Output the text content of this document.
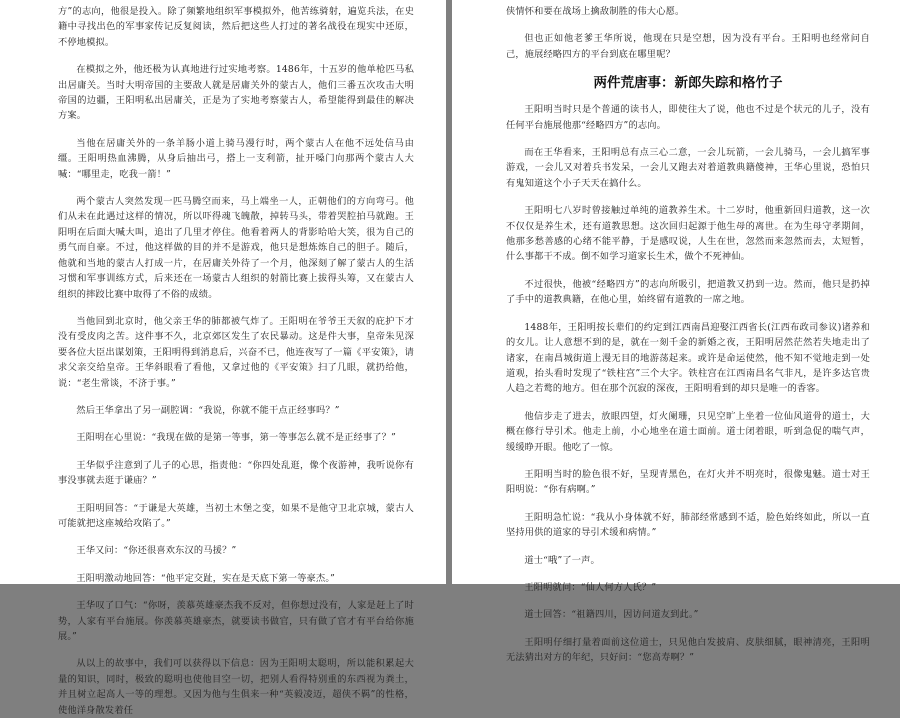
方”的志向，他很是投入。除了频繁地组织军事模拟外，他苦练骑射，遍览兵法，在史籍中寻找出色的军事家传记反复阅读，然后把这些人打过的著名战役在现实中还原，不停地模拟。

在模拟之外，他还极为认真地进行过实地考察。1486年，十五岁的他单枪匹马私出居庸关。当时大明帝国的主要敌人就是居庸关外的蒙古人，他们三番五次攻击大明帝国的边疆，王阳明私出居庸关，正是为了实地考察蒙古人，希望能得到最佳的解决方案。

当他在居庸关外的一条羊肠小道上骑马漫行时，两个蒙古人在他不远处信马由缰。王阳明热血沸腾，从身后抽出弓，搭上一支利箭，扯开嗓门向那两个蒙古人大喊：“哪里走，吃我一箭！”

两个蒙古人突然发现一匹马腾空而来，马上端坐一人，正朝他们的方向弯弓。他们从未在此遇过这样的情况，所以吓得魂飞魄散，掉转马头，带着哭腔拍马就跑。王阳明在后面大喊大叫，追出了几里才停住。他看着两人的背影哈哈大笑，很为自己的勇气而自豪。不过，他这样做的目的并不是游戏，他只是想炼炼自己的胆子。随后，他就和当地的蒙古人打成一片，在居庸关外待了一个月，他深刻了解了蒙古人的生活习惯和军事训练方式，后来还在一场蒙古人组织的射箭比赛上拔得头筹，又在蒙古人组织的摔跤比赛中取得了不俗的成绩。

当他回到北京时，他父亲王华的肺都被气炸了。王阳明在爷爷王天叙的庇护下才没有受皮肉之苦。这件事不久，北京郊区发生了农民暴动。这是件大事，皇帝朱见深要各位大臣出谋划策，王阳明得到消息后，兴奋不已，他连夜写了一篇《平安策》，请求父亲交给皇帝。王华斜眼看了看他，又拿过他的《平安策》扫了几眼，就扔给他，说：“老生常谈，不济于事。”

然后王华拿出了另一副腔调：“我说，你就不能干点正经事吗？”

王阳明在心里说：“我现在做的是第一等事，第一等事怎么就不是正经事了？”

王华似乎注意到了儿子的心思，指责他：“你四处乱逛，像个夜游神，我听说你有事没事就去逛于谦庙？”

王阳明回答：“于谦是大英雄，当初土木堡之变，如果不是他守卫北京城，蒙古人可能就把这座城给攻陷了。”

王华又问：“你还很喜欢东汉的马援？”

王阳明激动地回答：“他平定交趾，实在是天底下第一等豪杰。”

王华叹了口气：“你呀，羡慕英雄豪杰我不反对，但你想过没有，人家是赶上了时势，人家有平台施展。你羡慕英雄豪杰，就要读书做官，只有做了官才有平台给你施展。”

从以上的故事中，我们可以获得以下信息：因为王阳明太聪明，所以能积累起大量的知识，同时，极致的聪明也使他目空一切，把别人看得特别重的东西视为粪土，并且树立起高人一等的理想。又因为他与生俱来一种“英毅凌迈，超侠不羁”的性格，使他洋身散发着任

侠情怀和要在战场上擒敌制胜的伟大心愿。

但也正如他老爹王华所说，他现在只是空想，因为没有平台。王阳明也经常问自己，施展经略四方的平台到底在哪里呢？

两件荒唐事：新郎失踪和格竹子

王阳明当时只是个普通的读书人，即使往大了说，他也不过是个状元的儿子，没有任何平台施展他那“经略四方”的志向。

而在王华看来，王阳明总有点三心二意，一会儿玩箭，一会儿骑马，一会儿搞军事游戏，一会儿又对着兵书发呆，一会儿又跑去对着道教典籍傻神，王华心里说，恐怕只有鬼知道这个小子天天在搞什么。

王阳明七八岁时曾接触过单纯的道教养生术。十二岁时，他重新回归道教，这一次不仅仅是养生术，还有道教思想。这次回归起源于他生母的离世。在为生母守孝期间，他那多愁善感的心绪不能平静，于是感叹说，人生在世，忽然而来忽然而去，太短暂，什么事都干不成。倒不如学习道家长生术，做个不死神仙。

不过很快，他被“经略四方”的志向所吸引，把道教又扔到一边。然而，他只是扔掉了手中的道教典籍，在他心里，始终留有道教的一席之地。

1488年，王阳明按长辈们的约定到江西南昌迎娶江西省长(江西布政司参议)诸养和的女儿。让人意想不到的是，就在一刻千金的新婚之夜，王阳明居然茫然若失地走出了诸家，在南昌城街道上漫无目的地游荡起来。或许是命运使然，他不知不觉地走到一处道观，抬头看时发现了“铁柱宫”三个大字。铁柱宫在江西南昌名气非凡，是许多达官贵人趋之若鹜的地方。但在那个沉寂的深夜，王阳明看到的却只是唯一的香客。

他信步走了进去，放眼四望，灯火阑珊，只见空旷上坐着一位仙风道骨的道士，大概在修行导引术。他走上前，小心地坐在道士面前。道士闭着眼，听到急促的喘气声，缓缓睁开眼。他吃了一惊。

王阳明当时的脸色很不好，呈现青黑色，在灯火并不明亮时，很像鬼魅。道士对王阳明说：“你有病啊。”

王阳明急忙说：“我从小身体就不好，肺部经常感到不适，脸色始终如此，所以一直坚持用供的道家的导引术缓和病情。”

道士“哦”了一声。

王阳明就问：“仙人何方人氏？”

道士回答：“祖籍四川，因访问道友到此。”

王阳明仔细打量着面前这位道士，只见他白发披肩、皮肤细腻，眼神清亮，王阳明无法猜出对方的年纪，只好问：“您高寿啊？”
